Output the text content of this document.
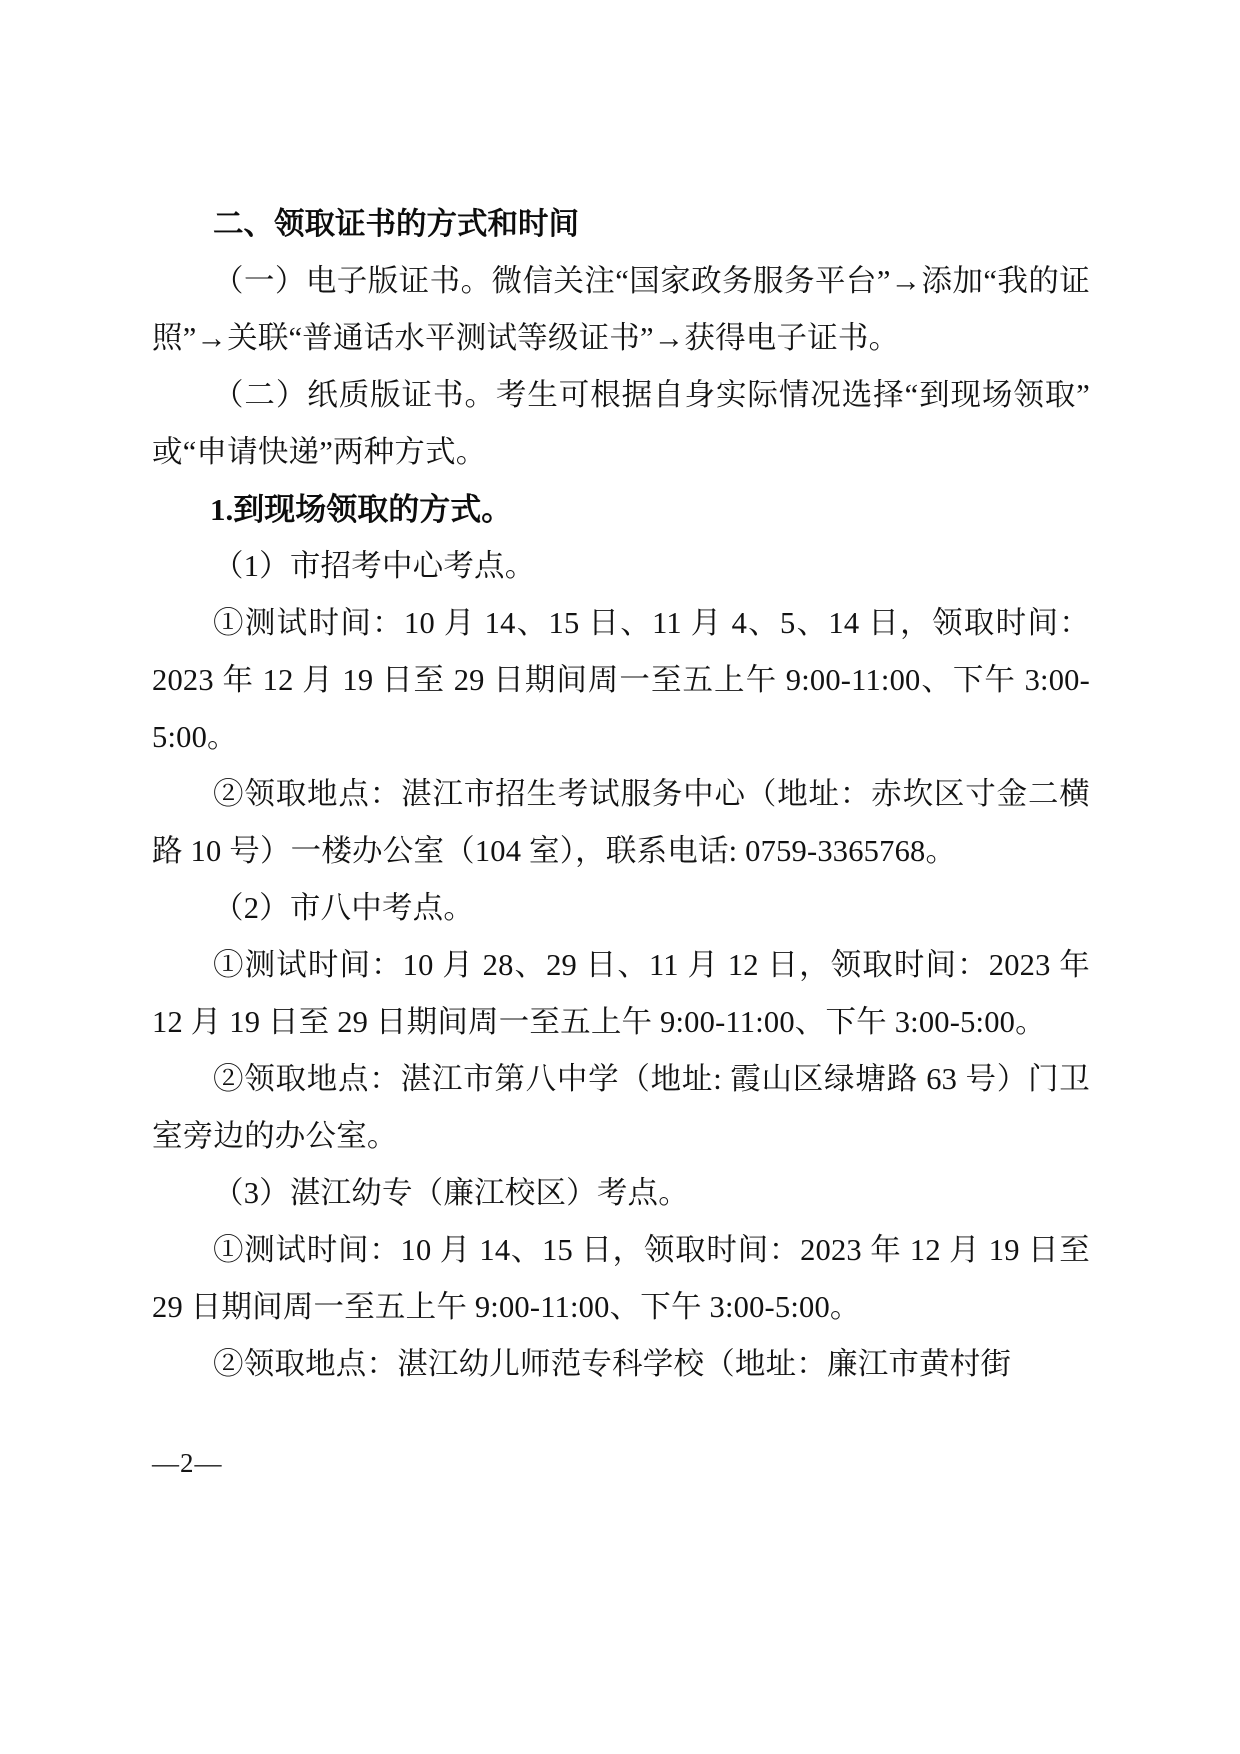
二、领取证书的方式和时间

（一）电子版证书。微信关注“国家政务服务平台”→添加“我的证照”→关联“普通话水平测试等级证书”→获得电子证书。

（二）纸质版证书。考生可根据自身实际情况选择“到现场领取”或“申请快递”两种方式。

1.到现场领取的方式。

（1）市招考中心考点。

①测试时间：10 月 14、15 日、11 月 4、5、14 日，领取时间：2023 年 12 月 19 日至 29 日期间周一至五上午 9:00-11:00、下午 3:00-5:00。

②领取地点：湛江市招生考试服务中心（地址：赤坎区寸金二横路 10 号）一楼办公室（104 室），联系电话: 0759-3365768。

（2）市八中考点。

①测试时间：10 月 28、29 日、11 月 12 日，领取时间：2023 年 12 月 19 日至 29 日期间周一至五上午 9:00-11:00、下午 3:00-5:00。

②领取地点：湛江市第八中学（地址: 霞山区绿塘路 63 号）门卫室旁边的办公室。

（3）湛江幼专（廉江校区）考点。

①测试时间：10 月 14、15 日，领取时间：2023 年 12 月 19 日至 29 日期间周一至五上午 9:00-11:00、下午 3:00-5:00。

②领取地点：湛江幼儿师范专科学校（地址：廉江市黄村街

—2—
